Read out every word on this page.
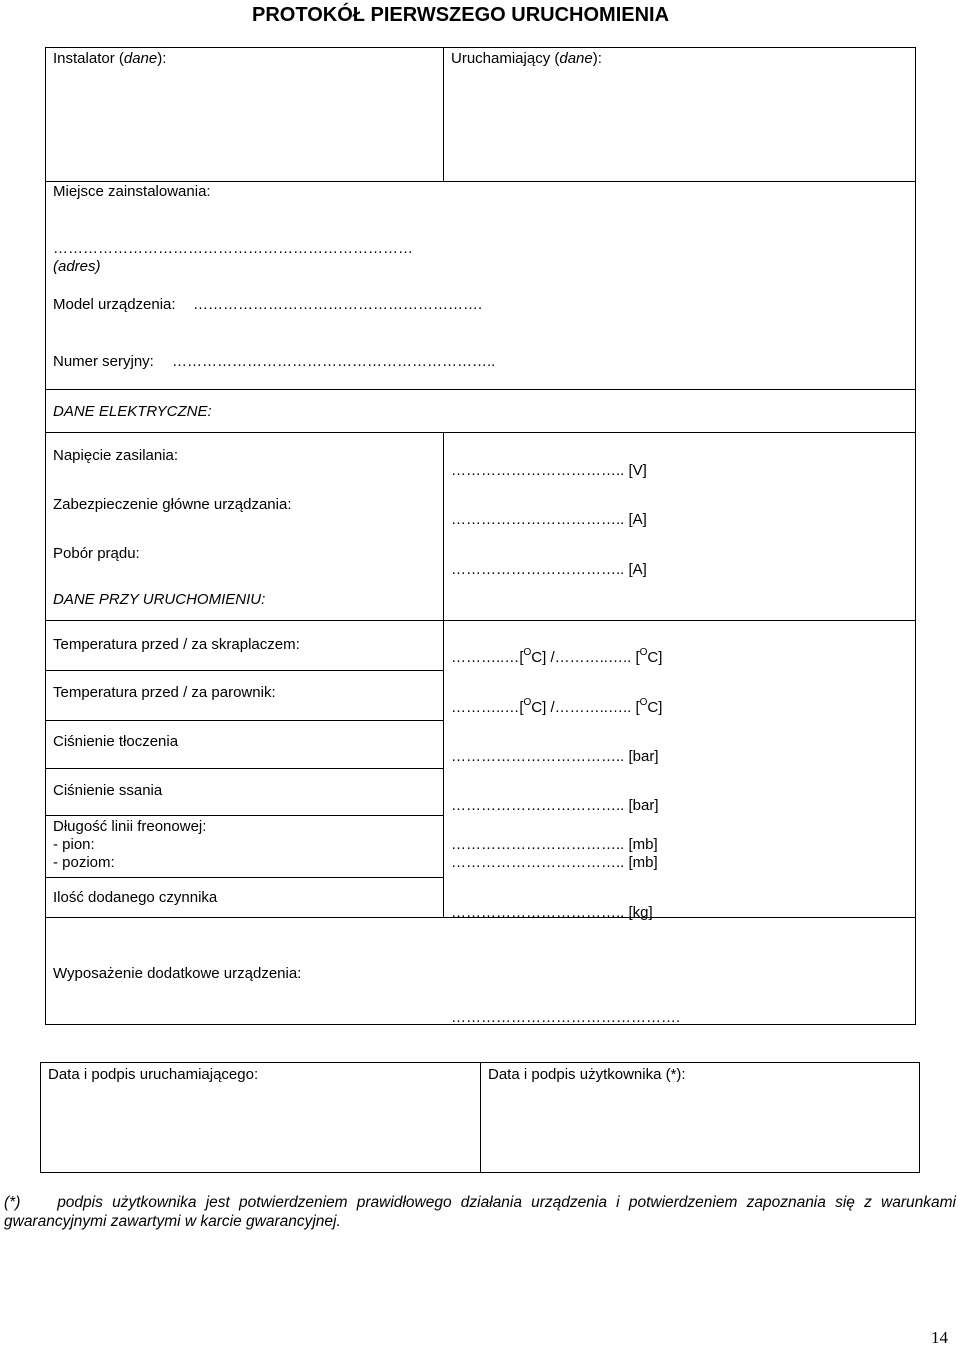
PROTOKÓŁ PIERWSZEGO URUCHOMIENIA
Instalator (dane):	Uruchamiający (dane):
Miejsce zainstalowania:
………………………………………………………………
(adres)
Model urządzenia: ………………………………………………….
Numer seryjny: ………………………………………………………..
DANE ELEKTRYCZNE:
Napięcie zasilania:
…………………………….. [V]
Zabezpieczenie główne urządzania:
…………………………….. [A]
Pobór prądu:
…………………………….. [A]
DANE PRZY URUCHOMIENIU:
Temperatura przed / za skraplaczem:
………..…[$^O$C] /………..….. [$^O$C]
Temperatura przed / za parownik:
………..…[$^O$C] /………..….. [$^O$C]
Ciśnienie tłoczenia
…………………………….. [bar]
Ciśnienie ssania
…………………………….. [bar]
Długość linii freonowej:
- pion:
- poziom:
…………………………….. [mb]
…………………………….. [mb]
Ilość dodanego czynnika
…………………………….. [kg]
Wyposażenie dodatkowe urządzenia:
……………………………………….
Data i podpis uruchamiającego:	Data i podpis użytkownika (*):
(*) podpis użytkownika jest potwierdzeniem prawidłowego działania urządzenia i potwierdzeniem zapoznania się z warunkami gwarancyjnymi zawartymi w karcie gwarancyjnej.
14
